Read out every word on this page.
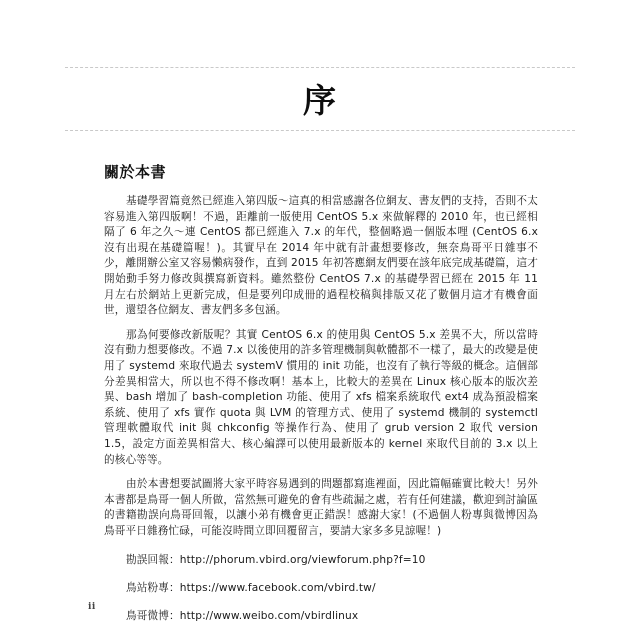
序
關於本書

基礎學習篇竟然已經進入第四版～這真的相當感謝各位網友、書友們的支持，否則不太容易進入第四版啊！不過，距離前一版使用 CentOS 5.x 來做解釋的 2010 年，也已經相隔了 6 年之久～連 CentOS 都已經進入 7.x 的年代，整個略過一個版本哩 (CentOS 6.x 沒有出現在基礎篇喔！)。其實早在 2014 年中就有計畫想要修改，無奈鳥哥平日雜事不少，離開辦公室又容易懶病發作，直到 2015 年初答應網友們要在該年底完成基礎篇，這才開始動手努力修改與撰寫新資料。雖然整份 CentOS 7.x 的基礎學習已經在 2015 年 11 月左右於網站上更新完成，但是要列印成冊的過程校稿與排版又花了數個月這才有機會面世，還望各位網友、書友們多多包涵。

那為何要修改新版呢？其實 CentOS 6.x 的使用與 CentOS 5.x 差異不大，所以當時沒有動力想要修改。不過 7.x 以後使用的許多管理機制與軟體都不一樣了，最大的改變是使用了 systemd 來取代過去 systemV 慣用的 init 功能，也沒有了執行等級的概念。這個部分差異相當大，所以也不得不修改啊！基本上，比較大的差異在 Linux 核心版本的版次差異、bash 增加了 bash-completion 功能、使用了 xfs 檔案系統取代 ext4 成為預設檔案系統、使用了 xfs 實作 quota 與 LVM 的管理方式、使用了 systemd 機制的 systemctl 管理軟體取代 init 與 chkconfig 等操作行為、使用了 grub version 2 取代 version 1.5，設定方面差異相當大、核心編譯可以使用最新版本的 kernel 來取代目前的 3.x 以上的核心等等。

由於本書想要試圖將大家平時容易遇到的問題都寫進裡面，因此篇幅確實比較大！另外本書都是鳥哥一個人所做，當然無可避免的會有些疏漏之處，若有任何建議，歡迎到討論區的書籍勘誤向鳥哥回報，以讓小弟有機會更正錯誤！感謝大家！(不過個人粉專與微博因為鳥哥平日雜務忙碌，可能沒時間立即回覆留言，要請大家多多見諒喔！)

勘誤回報：http://phorum.vbird.org/viewforum.php?f=10

鳥站粉專：https://www.facebook.com/vbird.tw/

鳥哥微博：http://www.weibo.com/vbirdlinux

ii
